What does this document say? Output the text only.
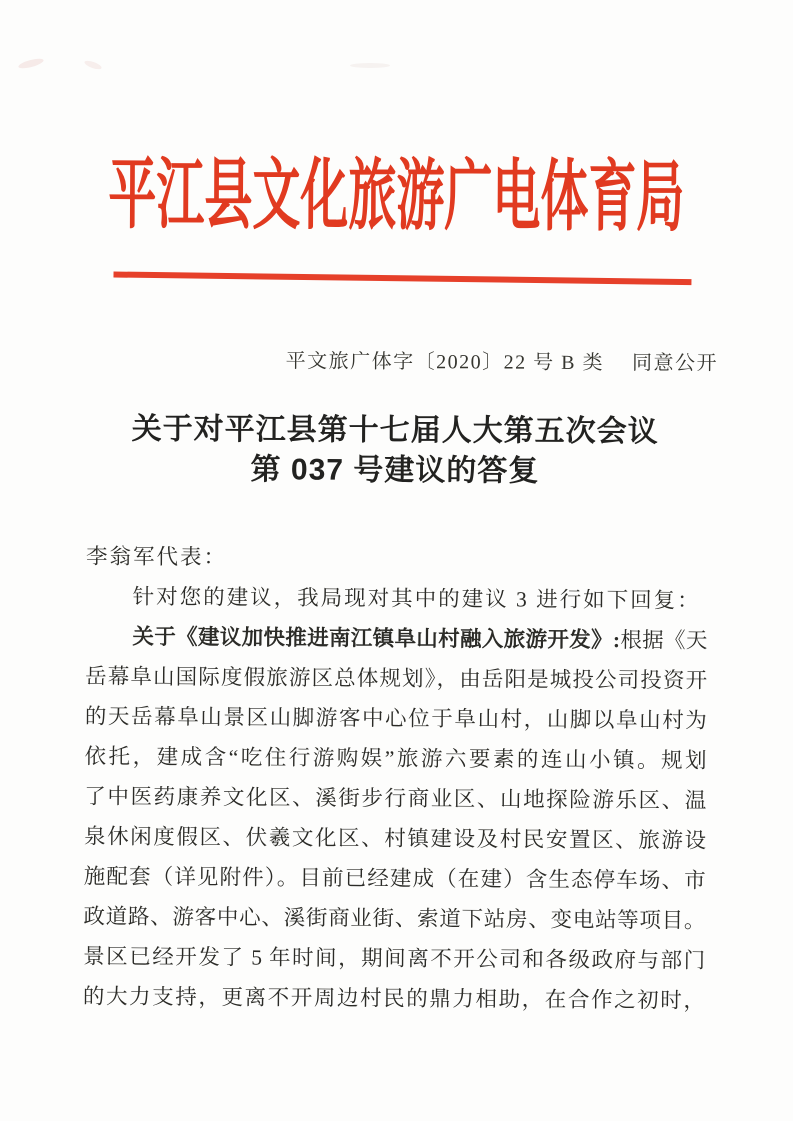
平江县文化旅游广电体育局
平文旅广体字〔2020〕22 号 B 类 同意公开
关于对平江县第十七届人大第五次会议
第 037 号建议的答复
李翁军代表：
针对您的建议，我局现对其中的建议 3 进行如下回复：
关于《建议加快推进南江镇阜山村融入旅游开发》:根据《天
岳幕阜山国际度假旅游区总体规划》，由岳阳是城投公司投资开
的天岳幕阜山景区山脚游客中心位于阜山村，山脚以阜山村为
依托，建成含“吃住行游购娱”旅游六要素的连山小镇。规划
了中医药康养文化区、溪街步行商业区、山地探险游乐区、温
泉休闲度假区、伏羲文化区、村镇建设及村民安置区、旅游设
施配套（详见附件）。目前已经建成（在建）含生态停车场、市
政道路、游客中心、溪街商业街、索道下站房、变电站等项目。
景区已经开发了 5 年时间，期间离不开公司和各级政府与部门
的大力支持，更离不开周边村民的鼎力相助，在合作之初时，
